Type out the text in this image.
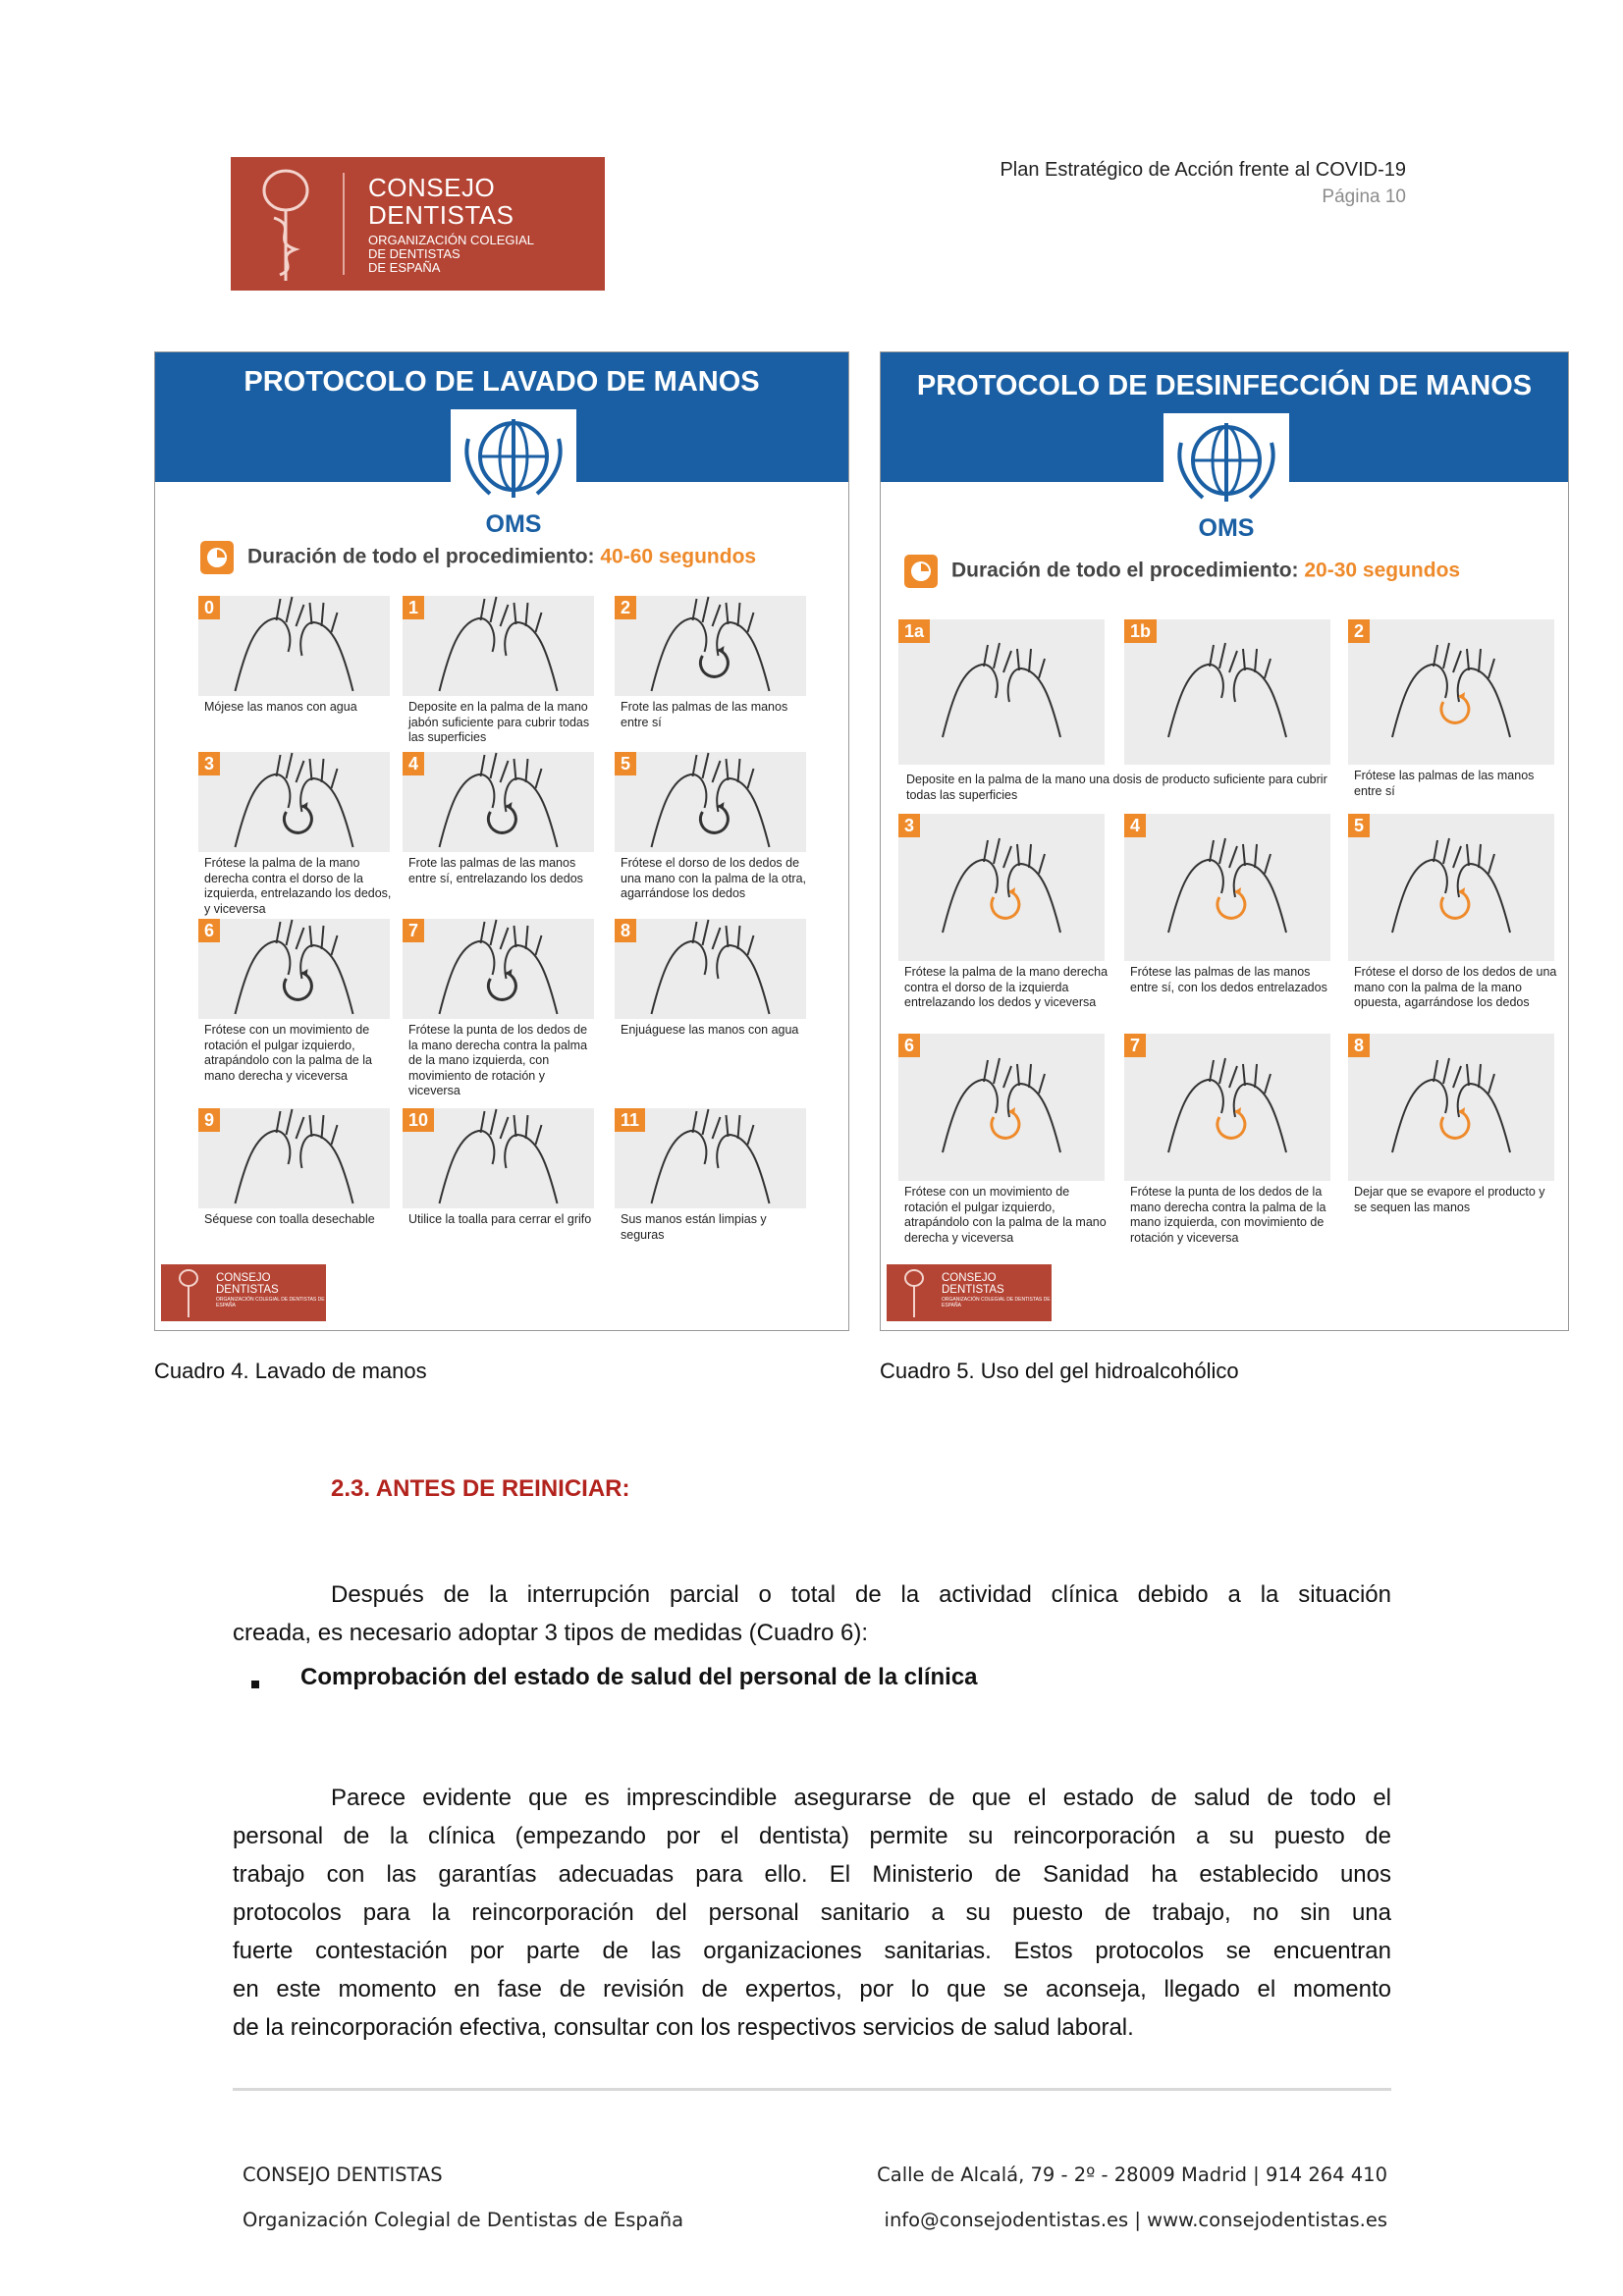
CONSEJO
DENTISTAS
ORGANIZACIÓN COLEGIAL
DE DENTISTAS
DE ESPAÑA
Plan Estratégico de Acción frente al COVID-19
Página 10
PROTOCOLO DE LAVADO DE MANOS
OMS
Duración de todo el procedimiento: 40-60 segundos
0
Mójese las manos con agua
1
Deposite en la palma de la mano jabón suficiente para cubrir todas las superficies
2
Frote las palmas de las manos entre sí
3
Frótese la palma de la mano derecha contra el dorso de la izquierda, entrelazando los dedos, y viceversa
4
Frote las palmas de las manos entre sí, entrelazando los dedos
5
Frótese el dorso de los dedos de una mano con la palma de la otra, agarrándose los dedos
6
Frótese con un movimiento de rotación el pulgar izquierdo, atrapándolo con la palma de la mano derecha y viceversa
7
Frótese la punta de los dedos de la mano derecha contra la palma de la mano izquierda, con movimiento de rotación y viceversa
8
Enjuáguese las manos con agua
9
Séquese con toalla desechable
10
Utilice la toalla para cerrar el grifo
11
Sus manos están limpias y seguras
CONSEJO
DENTISTAS
ORGANIZACIÓN COLEGIAL DE DENTISTAS DE ESPAÑA
PROTOCOLO DE DESINFECCIÓN DE MANOS
OMS
Duración de todo el procedimiento: 20-30 segundos
1a	1b	2
Frótese las palmas de las manos entre sí
3
Frótese la palma de la mano derecha contra el dorso de la izquierda entrelazando los dedos y viceversa
4
Frótese las palmas de las manos entre sí, con los dedos entrelazados
5
Frótese el dorso de los dedos de una mano con la palma de la mano opuesta, agarrándose los dedos
6
Frótese con un movimiento de rotación el pulgar izquierdo, atrapándolo con la palma de la mano derecha y viceversa
7
Frótese la punta de los dedos de la mano derecha contra la palma de la mano izquierda, con movimiento de rotación y viceversa
8
Dejar que se evapore el producto y se sequen las manos
Deposite en la palma de la mano una dosis de producto suficiente para cubrir todas las superficies
CONSEJO
DENTISTAS
ORGANIZACIÓN COLEGIAL DE DENTISTAS DE ESPAÑA
Cuadro 4. Lavado de manos	Cuadro 5. Uso del gel hidroalcohólico
2.3. ANTES DE REINICIAR:
Después de la interrupción parcial o total de la actividad clínica debido a la situación
creada, es necesario adoptar 3 tipos de medidas (Cuadro 6):
Comprobación del estado de salud del personal de la clínica
Parece evidente que es imprescindible asegurarse de que el estado de salud de todo el
personal de la clínica (empezando por el dentista) permite su reincorporación a su puesto de
trabajo con las garantías adecuadas para ello. El Ministerio de Sanidad ha establecido unos
protocolos para la reincorporación del personal sanitario a su puesto de trabajo, no sin una
fuerte contestación por parte de las organizaciones sanitarias. Estos protocolos se encuentran
en este momento en fase de revisión de expertos, por lo que se aconseja, llegado el momento
de la reincorporación efectiva, consultar con los respectivos servicios de salud laboral.
CONSEJO DENTISTAS
Organización Colegial de Dentistas de España
Calle de Alcalá, 79 - 2º - 28009 Madrid | 914 264 410
info@consejodentistas.es | www.consejodentistas.es
